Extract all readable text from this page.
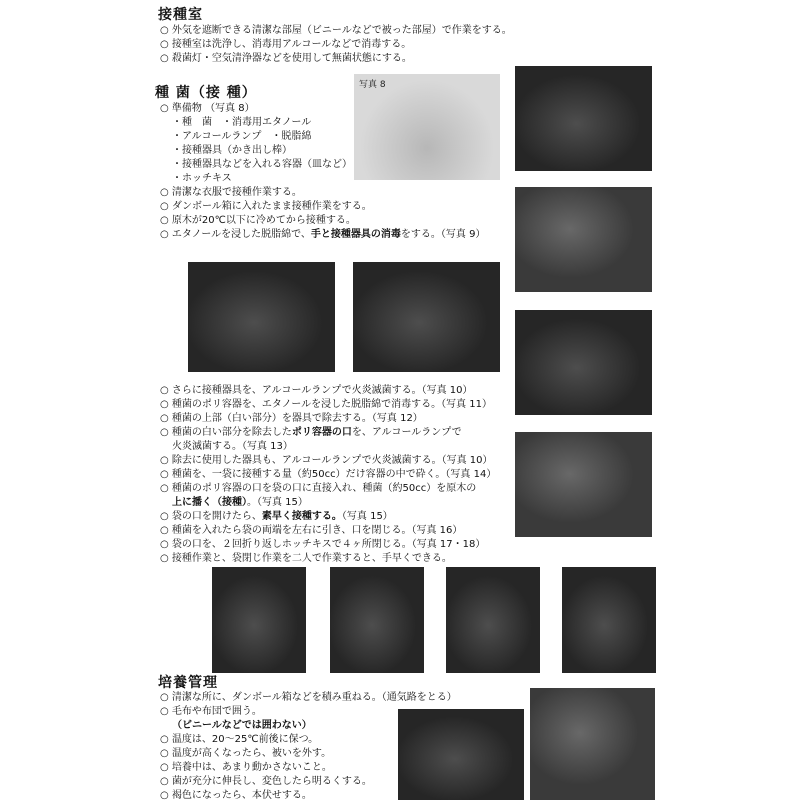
接種室
○ 外気を遮断できる清潔な部屋（ビニールなどで被った部屋）で作業をする。
○ 接種室は洗浄し、消毒用アルコールなどで消毒する。
○ 殺菌灯・空気清浄器などを使用して無菌状態にする。
種 菌（接 種）	写真 8
○ 準備物 （写真 8）
・種　菌　・消毒用エタノール
・アルコールランプ　・脱脂綿
・接種器具（かき出し棒）
・接種器具などを入れる容器（皿など）
・ホッチキス
○ 清潔な衣服で接種作業する。
○ ダンボール箱に入れたまま接種作業をする。
○ 原木が20℃以下に冷めてから接種する。
○ エタノールを浸した脱脂綿で、手と接種器具の消毒をする。（写真 9）
○ さらに接種器具を、アルコールランプで火炎滅菌する。（写真 10）
○ 種菌のポリ容器を、エタノールを浸した脱脂綿で消毒する。（写真 11）
○ 種菌の上部（白い部分）を器具で除去する。（写真 12）
○ 種菌の白い部分を除去したポリ容器の口を、アルコールランプで
火炎滅菌する。（写真 13）
○ 除去に使用した器具も、アルコールランプで火炎滅菌する。（写真 10）
○ 種菌を、一袋に接種する量（約50cc）だけ容器の中で砕く。（写真 14）
○ 種菌のポリ容器の口を袋の口に直接入れ、種菌（約50cc）を原木の
上に播く（接種）。（写真 15）
○ 袋の口を開けたら、素早く接種する。（写真 15）
○ 種菌を入れたら袋の両端を左右に引き、口を閉じる。（写真 16）
○ 袋の口を、２回折り返しホッチキスで４ヶ所閉じる。（写真 17・18）
○ 接種作業と、袋閉じ作業を二人で作業すると、手早くできる。
培養管理
○ 清潔な所に、ダンボール箱などを積み重ねる。（通気路をとる）
○ 毛布や布団で囲う。
（ビニールなどでは囲わない）
○ 温度は、20～25℃前後に保つ。
○ 温度が高くなったら、被いを外す。
○ 培養中は、あまり動かさないこと。
○ 菌が充分に伸長し、変色したら明るくする。
○ 褐色になったら、本伏せする。
